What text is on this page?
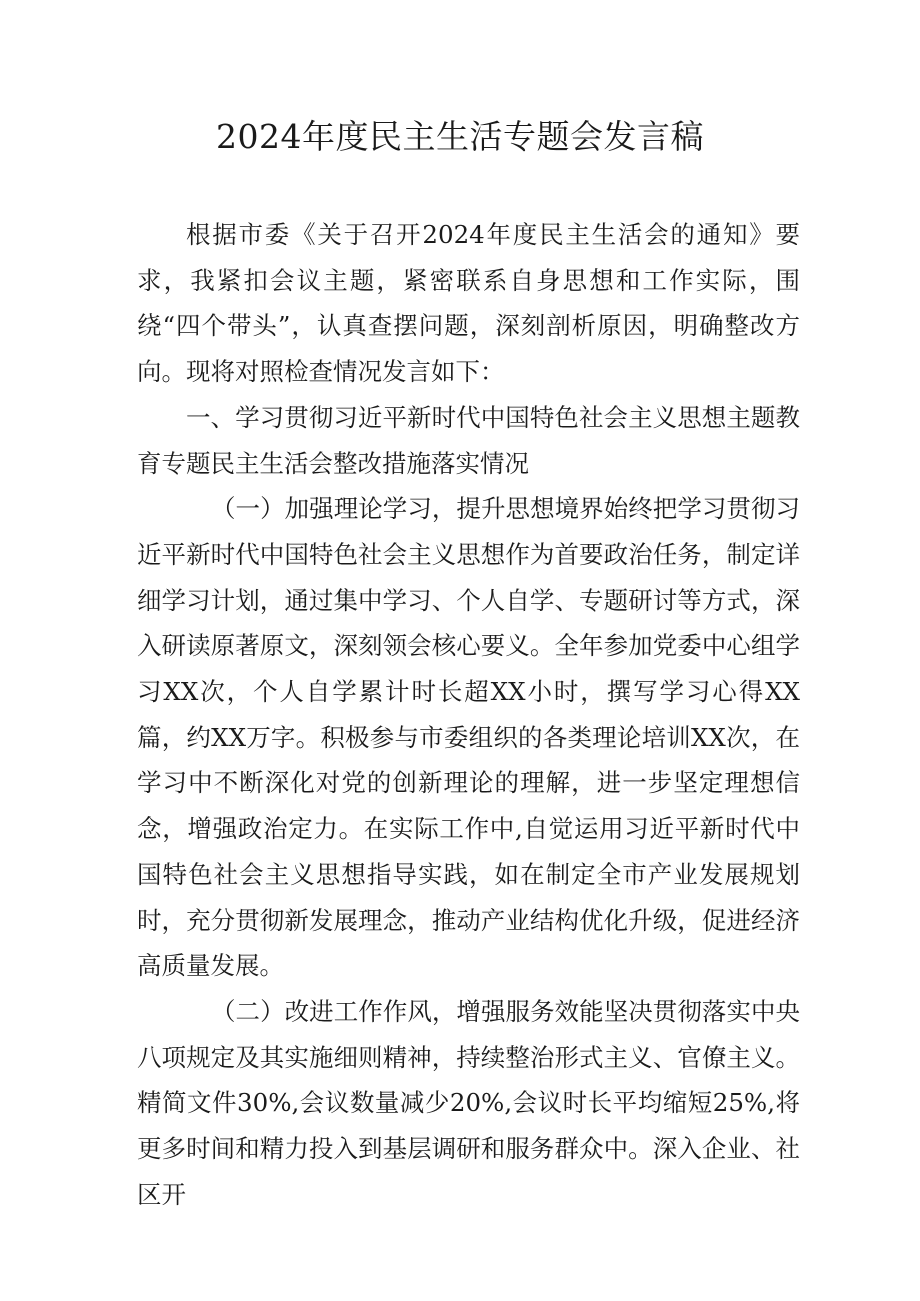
2024年度民主生活专题会发言稿

根据市委《关于召开2024年度民主生活会的通知》要求，我紧扣会议主题，紧密联系自身思想和工作实际，围绕“四个带头”，认真查摆问题，深刻剖析原因，明确整改方向。现将对照检查情况发言如下：

一、学习贯彻习近平新时代中国特色社会主义思想主题教育专题民主生活会整改措施落实情况

（一）加强理论学习，提升思想境界始终把学习贯彻习近平新时代中国特色社会主义思想作为首要政治任务，制定详细学习计划，通过集中学习、个人自学、专题研讨等方式，深入研读原著原文，深刻领会核心要义。全年参加党委中心组学习XX次，个人自学累计时长超XX小时，撰写学习心得XX篇，约XX万字。积极参与市委组织的各类理论培训XX次，在学习中不断深化对党的创新理论的理解，进一步坚定理想信念，增强政治定力。在实际工作中,自觉运用习近平新时代中国特色社会主义思想指导实践，如在制定全市产业发展规划时，充分贯彻新发展理念，推动产业结构优化升级，促进经济高质量发展。

（二）改进工作作风，增强服务效能坚决贯彻落实中央八项规定及其实施细则精神，持续整治形式主义、官僚主义。精简文件30%,会议数量减少20%,会议时长平均缩短25%,将更多时间和精力投入到基层调研和服务群众中。深入企业、社区开
